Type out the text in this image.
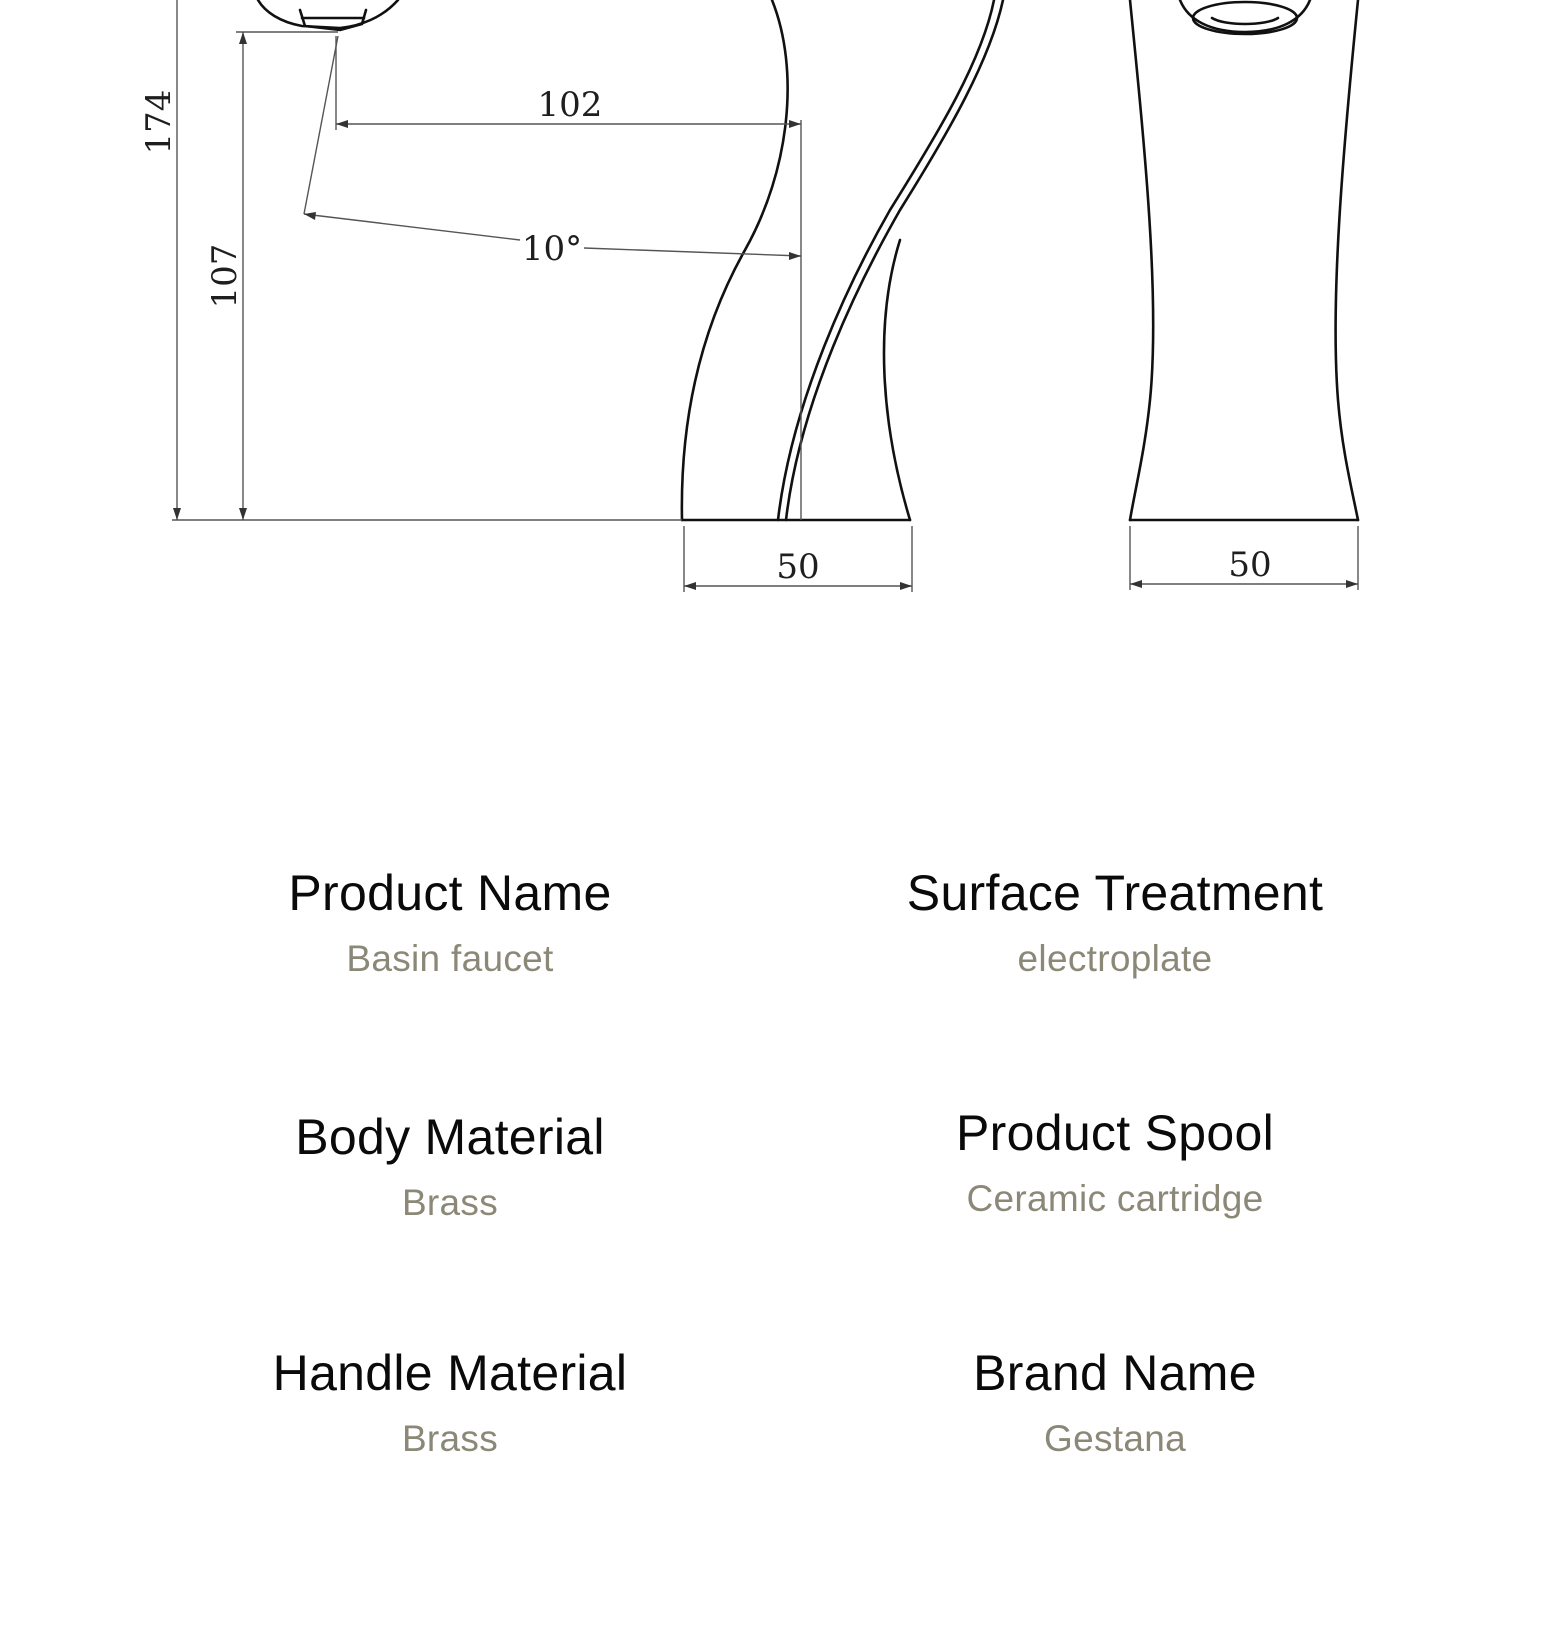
174
107
102
10°
50	50
Product Name
Basin faucet
Surface Treatment
electroplate
Body Material
Brass
Product Spool
Ceramic cartridge
Handle Material
Brass
Brand Name
Gestana
